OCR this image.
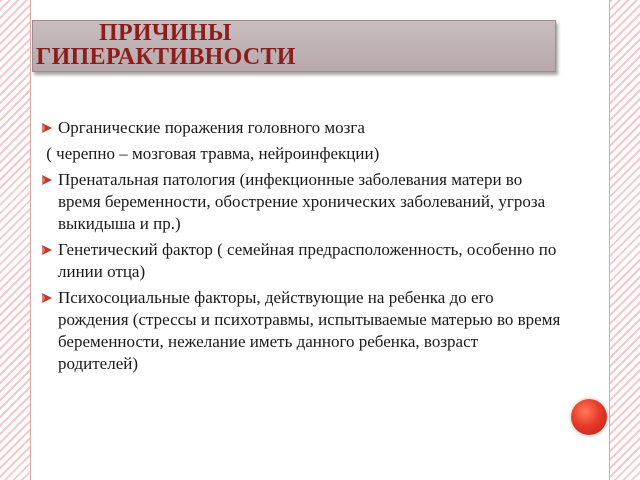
ПРИЧИНЫ
ГИПЕРАКТИВНОСТИ
Органические поражения головного мозга
( черепно – мозговая травма, нейроинфекции)
Пренатальная патология (инфекционные заболевания матери во время беременности, обострение хронических заболеваний, угроза выкидыша и пр.)
Генетический фактор ( семейная предрасположенность, особенно по линии отца)
Психосоциальные факторы, действующие на ребенка до его рождения (стрессы и психотравмы, испытываемые матерью во время беременности, нежелание иметь данного ребенка, возраст родителей)
